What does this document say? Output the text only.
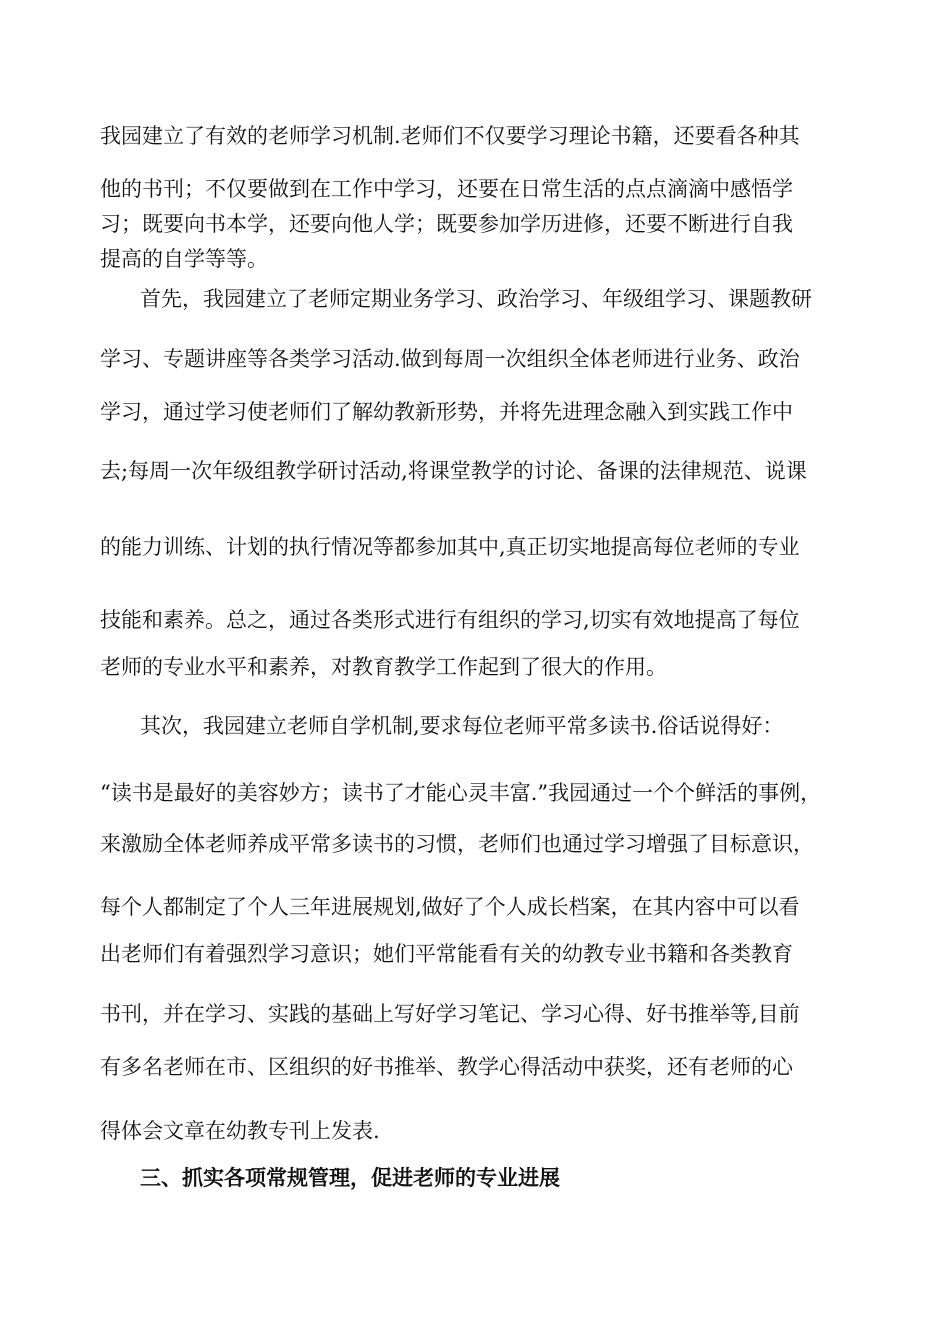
我园建立了有效的老师学习机制.老师们不仅要学习理论书籍，还要看各种其
他的书刊；不仅要做到在工作中学习，还要在日常生活的点点滴滴中感悟学
习；既要向书本学，还要向他人学；既要参加学历进修，还要不断进行自我
提高的自学等等。
首先，我园建立了老师定期业务学习、政治学习、年级组学习、课题教研
学习、专题讲座等各类学习活动.做到每周一次组织全体老师进行业务、政治
学习，通过学习使老师们了解幼教新形势，并将先进理念融入到实践工作中
去;每周一次年级组教学研讨活动,将课堂教学的讨论、备课的法律规范、说课
的能力训练、计划的执行情况等都参加其中,真正切实地提高每位老师的专业
技能和素养。总之，通过各类形式进行有组织的学习,切实有效地提高了每位
老师的专业水平和素养，对教育教学工作起到了很大的作用。
其次，我园建立老师自学机制,要求每位老师平常多读书.俗话说得好：
“读书是最好的美容妙方；读书了才能心灵丰富.”我园通过一个个鲜活的事例，
来激励全体老师养成平常多读书的习惯，老师们也通过学习增强了目标意识，
每个人都制定了个人三年进展规划,做好了个人成长档案，在其内容中可以看
出老师们有着强烈学习意识；她们平常能看有关的幼教专业书籍和各类教育
书刊，并在学习、实践的基础上写好学习笔记、学习心得、好书推举等,目前
有多名老师在市、区组织的好书推举、教学心得活动中获奖，还有老师的心
得体会文章在幼教专刊上发表.
三、抓实各项常规管理，促进老师的专业进展
